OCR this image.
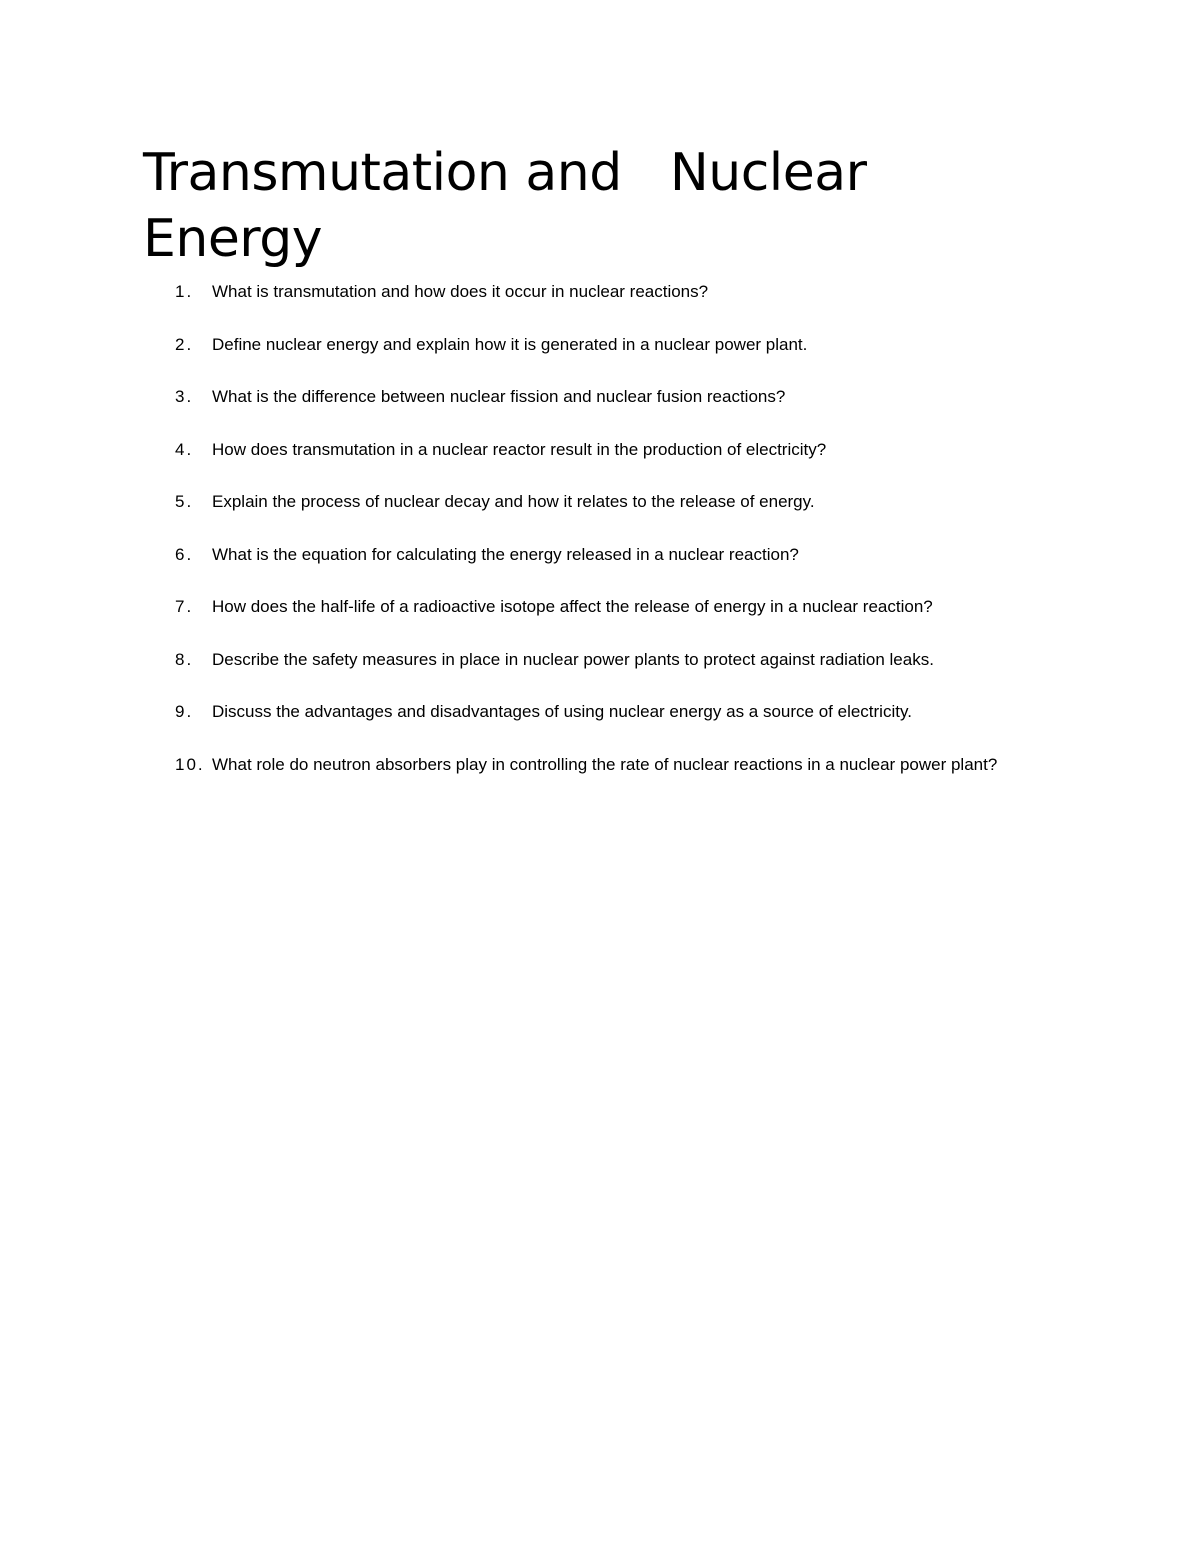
Transmutation and   Nuclear Energy
1.	What is transmutation and how does it occur in nuclear reactions?
2.	Define nuclear energy and explain how it is generated in a nuclear power plant.
3.	What is the difference between nuclear fission and nuclear fusion reactions?
4.	How does transmutation in a nuclear reactor result in the production of electricity?
5.	Explain the process of nuclear decay and how it relates to the release of energy.
6.	What is the equation for calculating the energy released in a nuclear reaction?
7.	How does the half-life of a radioactive isotope affect the release of energy in a nuclear reaction?
8.	Describe the safety measures in place in nuclear power plants to protect against radiation leaks.
9.	Discuss the advantages and disadvantages of using nuclear energy as a source of electricity.
10. What role do neutron absorbers play in controlling the rate of nuclear reactions in a nuclear power plant?
